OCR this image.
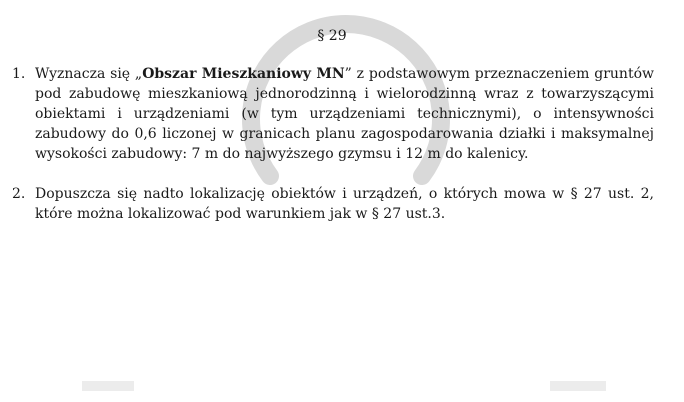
§ 29
1. Wyznacza się „Obszar Mieszkaniowy MN” z podstawowym przeznaczeniem gruntów pod zabudowę mieszkaniową jednorodzinną i wielorodzinną wraz z towarzyszącymi obiektami i urządzeniami (w tym urządzeniami technicznymi), o intensywności zabudowy do 0,6 liczonej w granicach planu zagospodarowania działki i maksymalnej wysokości zabudowy: 7 m do najwyższego gzymsu i 12 m do kalenicy.
2. Dopuszcza się nadto lokalizację obiektów i urządzeń, o których mowa w § 27 ust. 2, które można lokalizować pod warunkiem jak w § 27 ust.3.
